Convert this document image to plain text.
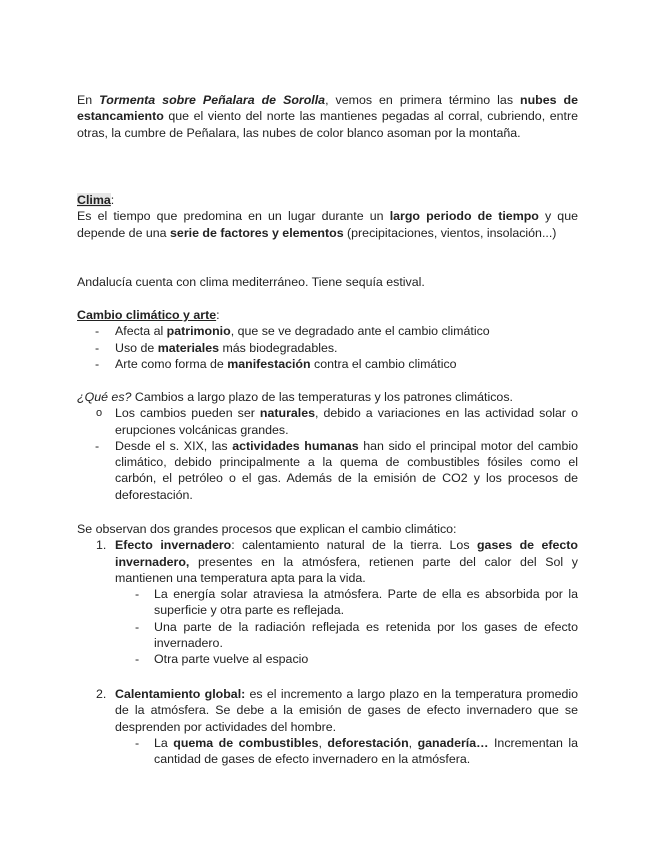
En Tormenta sobre Peñalara de Sorolla, vemos en primera término las nubes de estancamiento que el viento del norte las mantienes pegadas al corral, cubriendo, entre otras, la cumbre de Peñalara, las nubes de color blanco asoman por la montaña.

Clima:

Es el tiempo que predomina en un lugar durante un largo periodo de tiempo y que depende de una serie de factores y elementos (precipitaciones, vientos, insolación...)

Andalucía cuenta con clima mediterráneo. Tiene sequía estival.

Cambio climático y arte:
- Afecta al patrimonio, que se ve degradado ante el cambio climático
- Uso de materiales más biodegradables.
- Arte como forma de manifestación contra el cambio climático
¿Qué es? Cambios a largo plazo de las temperaturas y los patrones climáticos.
o Los cambios pueden ser naturales, debido a variaciones en las actividad solar o erupciones volcánicas grandes.
- Desde el s. XIX, las actividades humanas han sido el principal motor del cambio climático, debido principalmente a la quema de combustibles fósiles como el carbón, el petróleo o el gas. Además de la emisión de CO2 y los procesos de deforestación.
Se observan dos grandes procesos que explican el cambio climático:
1. Efecto invernadero: calentamiento natural de la tierra. Los gases de efecto invernadero, presentes en la atmósfera, retienen parte del calor del Sol y mantienen una temperatura apta para la vida.
- La energía solar atraviesa la atmósfera. Parte de ella es absorbida por la superficie y otra parte es reflejada.
- Una parte de la radiación reflejada es retenida por los gases de efecto invernadero.
- Otra parte vuelve al espacio
2. Calentamiento global: es el incremento a largo plazo en la temperatura promedio de la atmósfera. Se debe a la emisión de gases de efecto invernadero que se desprenden por actividades del hombre.
- La quema de combustibles, deforestación, ganadería… Incrementan la cantidad de gases de efecto invernadero en la atmósfera.
